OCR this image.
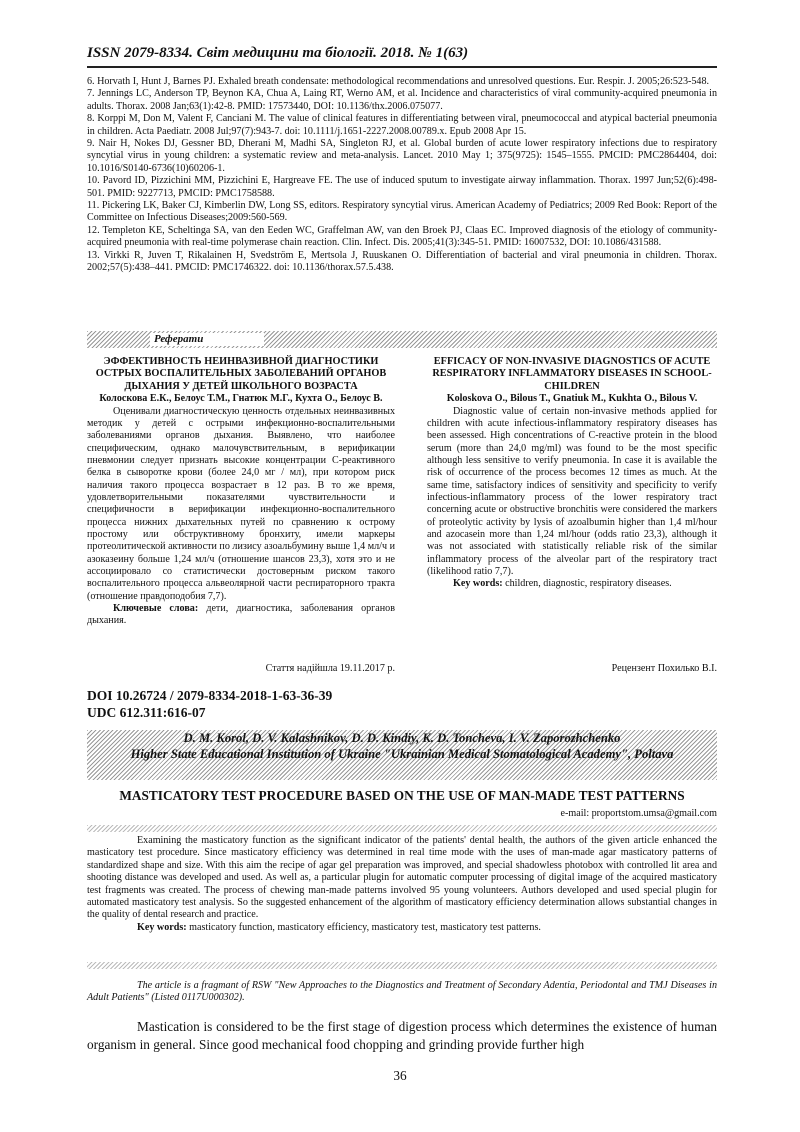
ISSN 2079-8334. Світ медицини та біології. 2018. № 1(63)

6. Horvath I, Hunt J, Barnes PJ. Exhaled breath condensate: methodological recommendations and unresolved questions. Eur. Respir. J. 2005;26:523-548.

7. Jennings LC, Anderson TP, Beynon KA, Chua A, Laing RT, Werno AM, et al. Incidence and characteristics of viral community-acquired pneumonia in adults. Thorax. 2008 Jan;63(1):42-8. PMID: 17573440, DOI: 10.1136/thx.2006.075077.

8. Korppi M, Don M, Valent F, Canciani M. The value of clinical features in differentiating between viral, pneumococcal and atypical bacterial pneumonia in children. Acta Paediatr. 2008 Jul;97(7):943-7. doi: 10.1111/j.1651-2227.2008.00789.x. Epub 2008 Apr 15.

9. Nair H, Nokes DJ, Gessner BD, Dherani M, Madhi SA, Singleton RJ, et al. Global burden of acute lower respiratory infections due to respiratory syncytial virus in young children: a systematic review and meta-analysis. Lancet. 2010 May 1; 375(9725): 1545–1555. PMCID: PMC2864404, doi: 10.1016/S0140-6736(10)60206-1.

10. Pavord ID, Pizzichini MM, Pizzichini E, Hargreave FE. The use of induced sputum to investigate airway inflammation. Thorax. 1997 Jun;52(6):498-501. PMID: 9227713, PMCID: PMC1758588.

11. Pickering LK, Baker CJ, Kimberlin DW, Long SS, editors. Respiratory syncytial virus. American Academy of Pediatrics; 2009 Red Book: Report of the Committee on Infectious Diseases;2009:560-569.

12. Templeton KE, Scheltinga SA, van den Eeden WC, Graffelman AW, van den Broek PJ, Claas EC. Improved diagnosis of the etiology of community-acquired pneumonia with real-time polymerase chain reaction. Clin. Infect. Dis. 2005;41(3):345-51. PMID: 16007532, DOI: 10.1086/431588.

13. Virkki R, Juven T, Rikalainen H, Svedström E, Mertsola J, Ruuskanen O. Differentiation of bacterial and viral pneumonia in children. Thorax. 2002;57(5):438–441. PMCID: PMC1746322. doi: 10.1136/thorax.57.5.438.

Реферати

ЭФФЕКТИВНОСТЬ НЕИНВАЗИВНОЙ ДИАГНОСТИКИ ОСТРЫХ ВОСПАЛИТЕЛЬНЫХ ЗАБОЛЕВАНИЙ ОРГАНОВ ДЫХАНИЯ У ДЕТЕЙ ШКОЛЬНОГО ВОЗРАСТА

Колоскова Е.К., Белоус Т.М., Гнатюк М.Г., Кухта О., Белоус В.

Оценивали диагностическую ценность отдельных неинвазивных методик у детей с острыми инфекционно-воспалительными заболеваниями органов дыхания. Выявлено, что наиболее специфическим, однако малочувствительным, в верификации пневмонии следует признать высокие концентрации С-реактивного белка в сыворотке крови (более 24,0 мг / мл), при котором риск наличия такого процесса возрастает в 12 раз. В то же время, удовлетворительными показателями чувствительности и специфичности в верификации инфекционно-воспалительного процесса нижних дыхательных путей по сравнению к острому простому или обструктивному бронхиту, имели маркеры протеолитической активности по лизису азоальбумину выше 1,4 мл/ч и азоказеину больше 1,24 мл/ч (отношение шансов 23,3), хотя это и не ассоциировало со статистически достоверным риском такого воспалительного процесса альвеолярной части респираторного тракта (отношение правдоподобия 7,7).

Ключевые слова: дети, диагностика, заболевания органов дыхания.

Стаття надійшла 19.11.2017 р.

EFFICACY OF NON-INVASIVE DIAGNOSTICS OF ACUTE RESPIRATORY INFLAMMATORY DISEASES IN SCHOOL-CHILDREN

Koloskova O., Bilous T., Gnatiuk M., Kukhta O., Bilous V.

Diagnostic value of certain non-invasive methods applied for children with acute infectious-inflammatory respiratory diseases has been assessed. High concentrations of C-reactive protein in the blood serum (more than 24,0 mg/ml) was found to be the most specific although less sensitive to verify pneumonia. In case it is available the risk of occurrence of the process becomes 12 times as much. At the same time, satisfactory indices of sensitivity and specificity to verify infectious-inflammatory process of the lower respiratory tract concerning acute or obstructive bronchitis were considered the markers of proteolytic activity by lysis of azoalbumin higher than 1,4 ml/hour and azocasein more than 1,24 ml/hour (odds ratio 23,3), although it was not associated with statistically reliable risk of the similar inflammatory process of the alveolar part of the respiratory tract (likelihood ratio 7,7).

Key words: children, diagnostic, respiratory diseases.

Рецензент Похилько В.І.
DOI 10.26724 / 2079-8334-2018-1-63-36-39
UDC 612.311:616-07
D. M. Korol, D. V. Kalashnikov, D. D. Kindiy, K. D. Toncheva, I. V. Zaporozhchenko
Higher State Educational Institution of Ukraine "Ukrainian Medical Stomatological Academy", Poltava
MASTICATORY TEST PROCEDURE BASED ON THE USE OF MAN-MADE TEST PATTERNS
e-mail: proportstom.umsa@gmail.com

Examining the masticatory function as the significant indicator of the patients' dental health, the authors of the given article enhanced the masticatory test procedure. Since masticatory efficiency was determined in real time mode with the uses of man-made agar masticatory patterns of standardized shape and size. With this aim the recipe of agar gel preparation was improved, and special shadowless photobox with controlled lit area and shooting distance was developed and used. As well as, a particular plugin for automatic computer processing of digital image of the acquired masticatory test fragments was created. The process of chewing man-made patterns involved 95 young volunteers. Authors developed and used special plugin for automated masticatory test analysis. So the suggested enhancement of the algorithm of masticatory efficiency determination allows substantial changes in the quality of dental research and practice.

Key words: masticatory function, masticatory efficiency, masticatory test, masticatory test patterns.

The article is a fragmant of RSW "New Approaches to the Diagnostics and Treatment of Secondary Adentia, Periodontal and TMJ Diseases in Adult Patients" (Listed 0117U000302).

Mastication is considered to be the first stage of digestion process which determines the existence of human organism in general. Since good mechanical food chopping and grinding provide further high

36
